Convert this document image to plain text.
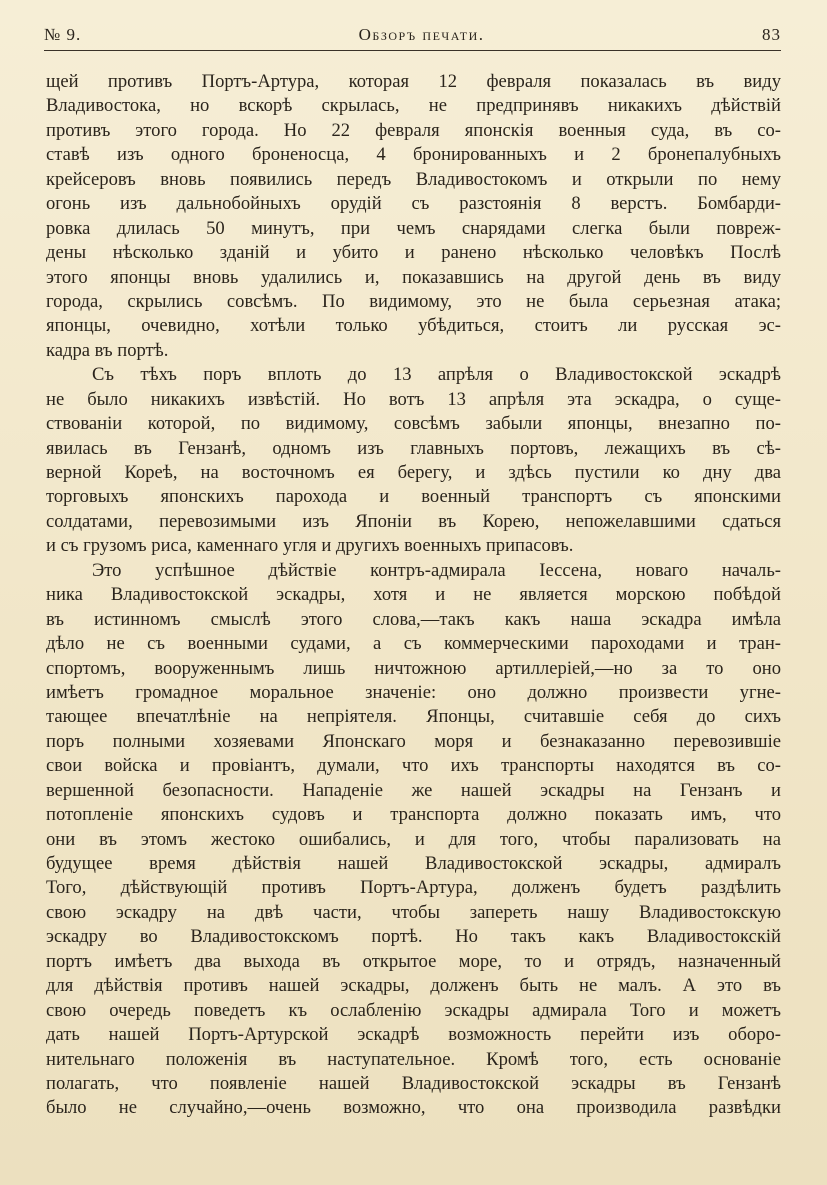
№ 9.	Обзоръ печати.	83
щей противъ Портъ-Артура, которая 12 февраля показалась въ виду
Владивостока, но вскорѣ скрылась, не предпринявъ никакихъ дѣйствій
противъ этого города. Но 22 февраля японскія военныя суда, въ со-
ставѣ изъ одного броненосца, 4 бронированныхъ и 2 бронепалубныхъ
крейсеровъ вновь появились передъ Владивостокомъ и открыли по нему
огонь изъ дальнобойныхъ орудій съ разстоянія 8 верстъ. Бомбарди-
ровка длилась 50 минутъ, при чемъ снарядами слегка были повреж-
дены нѣсколько зданій и убито и ранено нѣсколько человѣкъ Послѣ
этого японцы вновь удалились и, показавшись на другой день въ виду
города, скрылись совсѣмъ. По видимому, это не была серьезная атака;
японцы, очевидно, хотѣли только убѣдиться, стоитъ ли русская эс-
кадра въ портѣ.
Съ тѣхъ поръ вплоть до 13 апрѣля о Владивостокской эскадрѣ
не было никакихъ извѣстій. Но вотъ 13 апрѣля эта эскадра, о суще-
ствованіи которой, по видимому, совсѣмъ забыли японцы, внезапно по-
явилась въ Гензанѣ, одномъ изъ главныхъ портовъ, лежащихъ въ сѣ-
верной Кореѣ, на восточномъ ея берегу, и здѣсь пустили ко дну два
торговыхъ японскихъ парохода и военный транспортъ съ японскими
солдатами, перевозимыми изъ Японіи въ Корею, непожелавшими сдаться
и съ грузомъ риса, каменнаго угля и другихъ военныхъ припасовъ.
Это успѣшное дѣйствіе контръ-адмирала Іессена, новаго началь-
ника Владивостокской эскадры, хотя и не является морскою побѣдой
въ истинномъ смыслѣ этого слова,—такъ какъ наша эскадра имѣла
дѣло не съ военными судами, а съ коммерческими пароходами и тран-
спортомъ, вооруженнымъ лишь ничтожною артиллеріей,—но за то оно
имѣетъ громадное моральное значеніе: оно должно произвести угне-
тающее впечатлѣніе на непріятеля. Японцы, считавшіе себя до сихъ
поръ полными хозяевами Японскаго моря и безнаказанно перевозившіе
свои войска и провіантъ, думали, что ихъ транспорты находятся въ со-
вершенной безопасности. Нападеніе же нашей эскадры на Гензанъ и
потопленіе японскихъ судовъ и транспорта должно показать имъ, что
они въ этомъ жестоко ошибались, и для того, чтобы парализовать на
будущее время дѣйствія нашей Владивостокской эскадры, адмиралъ
Того, дѣйствующій противъ Портъ-Артура, долженъ будетъ раздѣлить
свою эскадру на двѣ части, чтобы запереть нашу Владивостокскую
эскадру во Владивостокскомъ портѣ. Но такъ какъ Владивостокскій
портъ имѣетъ два выхода въ открытое море, то и отрядъ, назначенный
для дѣйствія противъ нашей эскадры, долженъ быть не малъ. А это въ
свою очередь поведетъ къ ослабленію эскадры адмирала Того и можетъ
дать нашей Портъ-Артурской эскадрѣ возможность перейти изъ оборо-
нительнаго положенія въ наступательное. Кромѣ того, есть основаніе
полагать, что появленіе нашей Владивостокской эскадры въ Гензанѣ
было не случайно,—очень возможно, что она производила развѣдки
